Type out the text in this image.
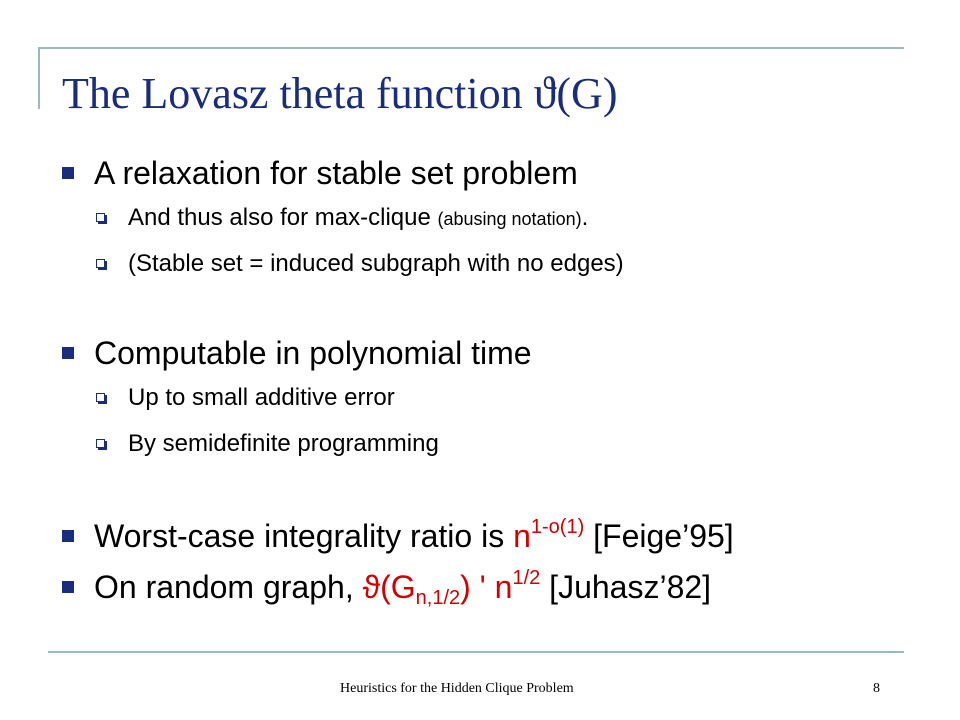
The Lovasz theta function ϑ(G)
A relaxation for stable set problem
And thus also for max-clique (abusing notation).
(Stable set = induced subgraph with no edges)
Computable in polynomial time
Up to small additive error
By semidefinite programming
Worst-case integrality ratio is $n^{1-o(1)}$ [Feige’95]
On random graph, $ϑ(G_{n,1/2})$ ' $n^{1/2}$ [Juhasz’82]
Heuristics for the Hidden Clique Problem	8
